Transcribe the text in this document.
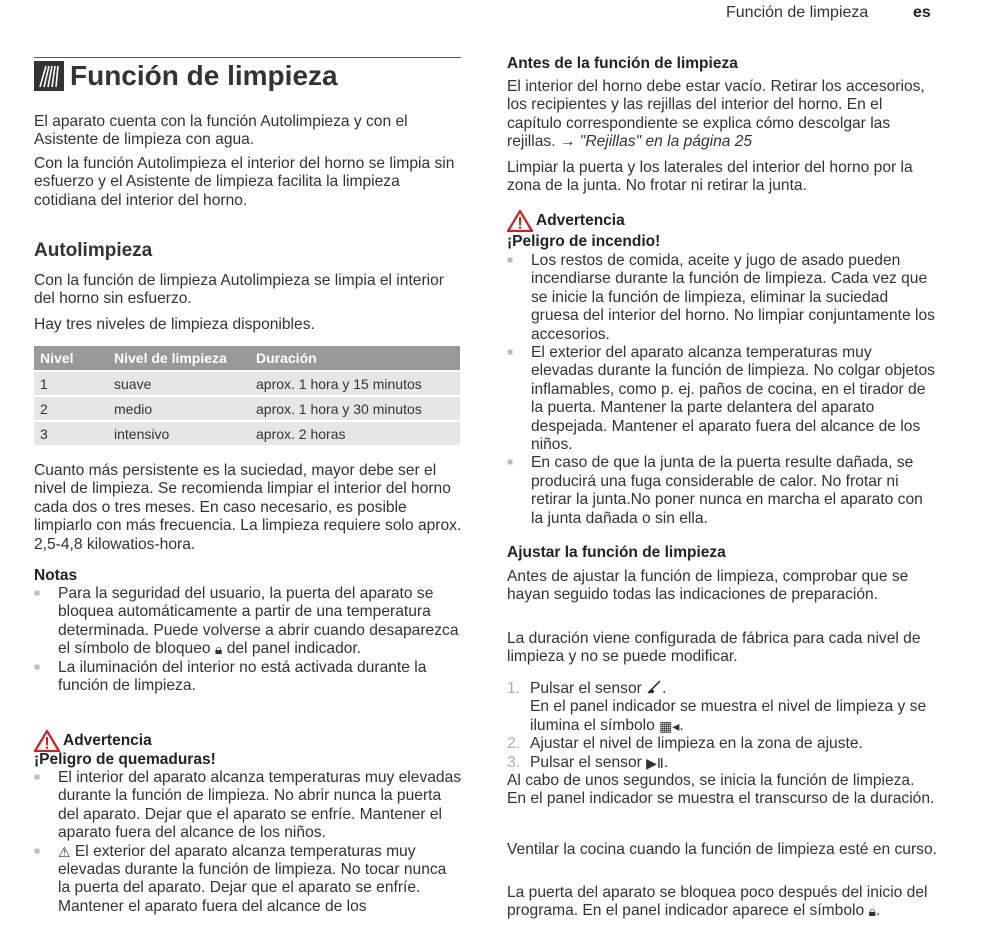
Función de limpieza	es
Función de limpieza

El aparato cuenta con la función Autolimpieza y con el Asistente de limpieza con agua.

Con la función Autolimpieza el interior del horno se limpia sin esfuerzo y el Asistente de limpieza facilita la limpieza cotidiana del interior del horno.

Autolimpieza

Con la función de limpieza Autolimpieza se limpia el interior del horno sin esfuerzo.

Hay tres niveles de limpieza disponibles.

Nivel	Nivel de limpieza	Duración
1	suave	aprox. 1 hora y 15 minutos
2	medio	aprox. 1 hora y 30 minutos
3	intensivo	aprox. 2 horas

Cuanto más persistente es la suciedad, mayor debe ser el nivel de limpieza. Se recomienda limpiar el interior del horno cada dos o tres meses. En caso necesario, es posible limpiarlo con más frecuencia. La limpieza requiere solo aprox. 2,5-4,8 kilowatios-hora.

Notas
■ Para la seguridad del usuario, la puerta del aparato se bloquea automáticamente a partir de una temperatura determinada. Puede volverse a abrir cuando desaparezca el símbolo de bloqueo 🔒︎ del panel indicador.
■ La iluminación del interior no está activada durante la función de limpieza.
Advertencia
¡Peligro de quemaduras!
■ El interior del aparato alcanza temperaturas muy elevadas durante la función de limpieza. No abrir nunca la puerta del aparato. Dejar que el aparato se enfríe. Mantener el aparato fuera del alcance de los niños.
■ ⚠︎ El exterior del aparato alcanza temperaturas muy elevadas durante la función de limpieza. No tocar nunca la puerta del aparato. Dejar que el aparato se enfríe. Mantener el aparato fuera del alcance de los
Antes de la función de limpieza

El interior del horno debe estar vacío. Retirar los accesorios, los recipientes y las rejillas del interior del horno. En el capítulo correspondiente se explica cómo descolgar las rejillas. → "Rejillas" en la página 25

Limpiar la puerta y los laterales del interior del horno por la zona de la junta. No frotar ni retirar la junta.

Advertencia
¡Peligro de incendio!
■ Los restos de comida, aceite y jugo de asado pueden incendiarse durante la función de limpieza. Cada vez que se inicie la función de limpieza, eliminar la suciedad gruesa del interior del horno. No limpiar conjuntamente los accesorios.
■ El exterior del aparato alcanza temperaturas muy elevadas durante la función de limpieza. No colgar objetos inflamables, como p. ej. paños de cocina, en el tirador de la puerta. Mantener la parte delantera del aparato despejada. Mantener el aparato fuera del alcance de los niños.
■ En caso de que la junta de la puerta resulte dañada, se producirá una fuga considerable de calor. No frotar ni retirar la junta.No poner nunca en marcha el aparato con la junta dañada o sin ella.
Ajustar la función de limpieza

Antes de ajustar la función de limpieza, comprobar que se hayan seguido todas las indicaciones de preparación.

La duración viene configurada de fábrica para cada nivel de limpieza y no se puede modificar.

1. Pulsar el sensor .
En el panel indicador se muestra el nivel de limpieza y se ilumina el símbolo ▦◂.
2. Ajustar el nivel de limpieza en la zona de ajuste.
3. Pulsar el sensor ▶Ⅱ.

Al cabo de unos segundos, se inicia la función de limpieza. En el panel indicador se muestra el transcurso de la duración.

Ventilar la cocina cuando la función de limpieza esté en curso.

La puerta del aparato se bloquea poco después del inicio del programa. En el panel indicador aparece el símbolo 🔒︎.
